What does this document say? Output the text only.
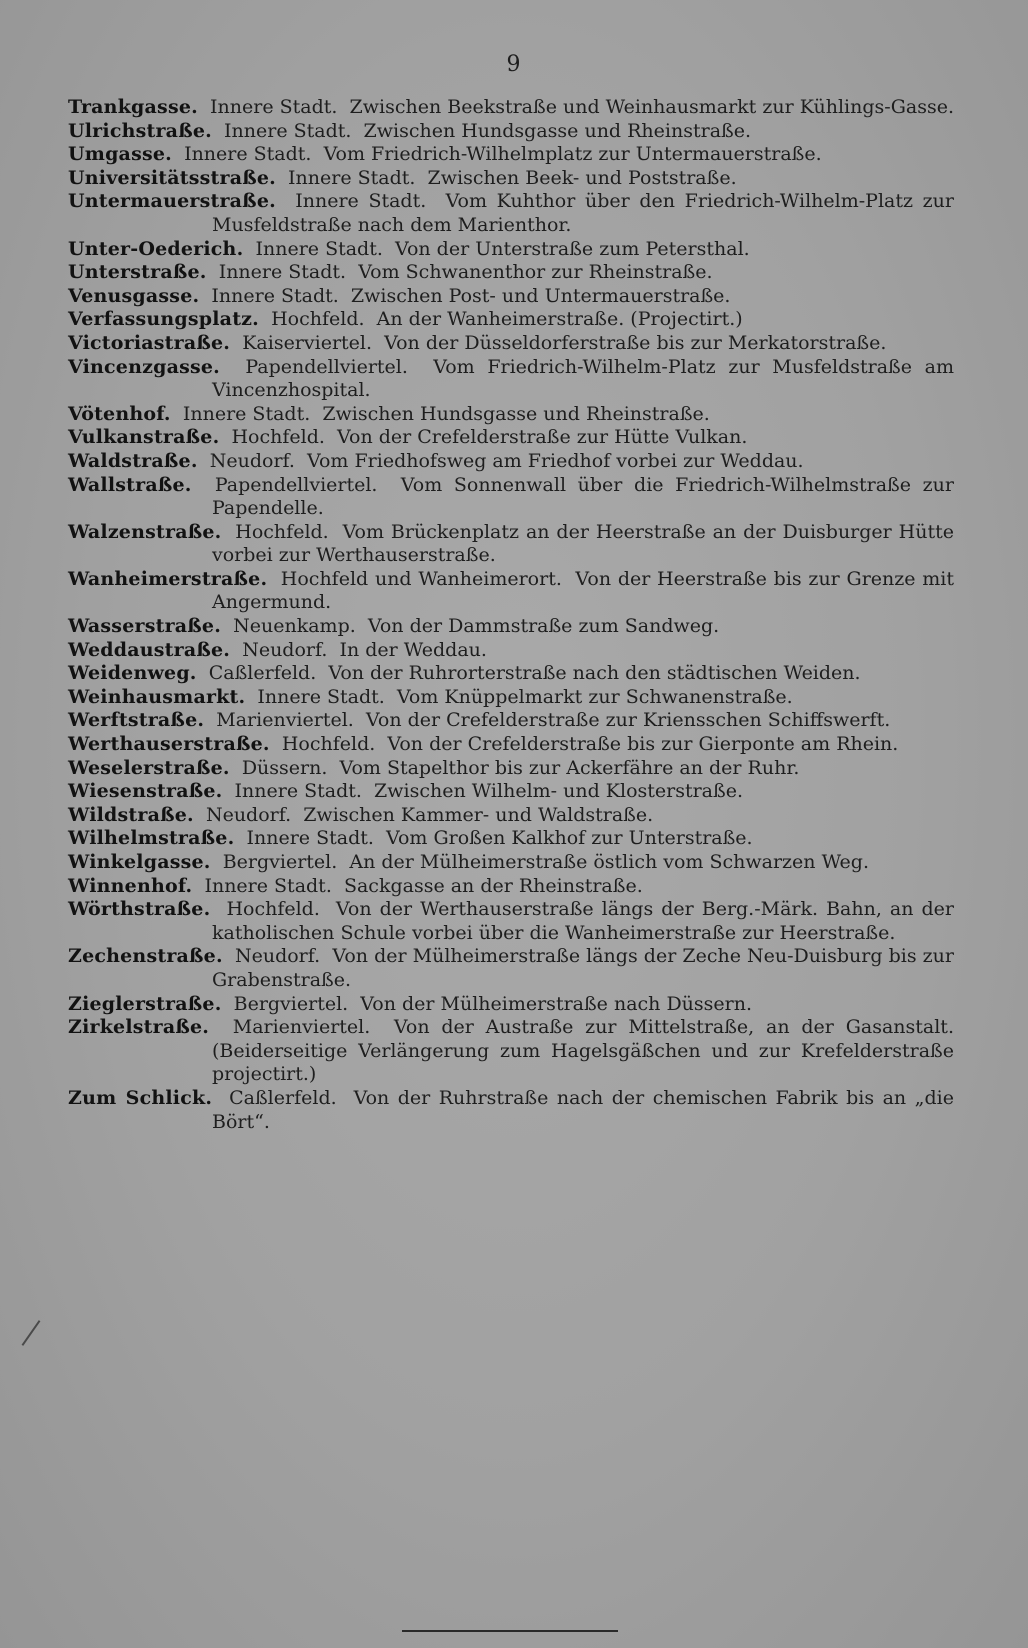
9
Trankgasse. Innere Stadt. Zwischen Beekstraße und Weinhausmarkt zur Kühlings-Gasse.
Ulrichstraße. Innere Stadt. Zwischen Hundsgasse und Rheinstraße.
Umgasse. Innere Stadt. Vom Friedrich-Wilhelmplatz zur Untermauerstraße.
Universitätsstraße. Innere Stadt. Zwischen Beek- und Poststraße.
Untermauerstraße. Innere Stadt. Vom Kuhthor über den Friedrich-Wilhelm-Platz zur Musfeldstraße nach dem Marienthor.
Unter-Oederich. Innere Stadt. Von der Unterstraße zum Petersthal.
Unterstraße. Innere Stadt. Vom Schwanenthor zur Rheinstraße.
Venusgasse. Innere Stadt. Zwischen Post- und Untermauerstraße.
Verfassungsplatz. Hochfeld. An der Wanheimerstraße. (Projectirt.)
Victoriastraße. Kaiserviertel. Von der Düsseldorferstraße bis zur Merkatorstraße.
Vincenzgasse. Papendellviertel. Vom Friedrich-Wilhelm-Platz zur Musfeldstraße am Vincenzhospital.
Vötenhof. Innere Stadt. Zwischen Hundsgasse und Rheinstraße.
Vulkanstraße. Hochfeld. Von der Crefelderstraße zur Hütte Vulkan.
Waldstraße. Neudorf. Vom Friedhofsweg am Friedhof vorbei zur Weddau.
Wallstraße. Papendellviertel. Vom Sonnenwall über die Friedrich-Wilhelmstraße zur Papendelle.
Walzenstraße. Hochfeld. Vom Brückenplatz an der Heerstraße an der Duisburger Hütte vorbei zur Werthauserstraße.
Wanheimerstraße. Hochfeld und Wanheimerort. Von der Heerstraße bis zur Grenze mit Angermund.
Wasserstraße. Neuenkamp. Von der Dammstraße zum Sandweg.
Weddaustraße. Neudorf. In der Weddau.
Weidenweg. Caßlerfeld. Von der Ruhrorterstraße nach den städtischen Weiden.
Weinhausmarkt. Innere Stadt. Vom Knüppelmarkt zur Schwanenstraße.
Werftstraße. Marienviertel. Von der Crefelderstraße zur Kriensschen Schiffswerft.
Werthauserstraße. Hochfeld. Von der Crefelderstraße bis zur Gierponte am Rhein.
Weselerstraße. Düssern. Vom Stapelthor bis zur Ackerfähre an der Ruhr.
Wiesenstraße. Innere Stadt. Zwischen Wilhelm- und Klosterstraße.
Wildstraße. Neudorf. Zwischen Kammer- und Waldstraße.
Wilhelmstraße. Innere Stadt. Vom Großen Kalkhof zur Unterstraße.
Winkelgasse. Bergviertel. An der Mülheimerstraße östlich vom Schwarzen Weg.
Winnenhof. Innere Stadt. Sackgasse an der Rheinstraße.
Wörthstraße. Hochfeld. Von der Werthauserstraße längs der Berg.-Märk. Bahn, an der katholischen Schule vorbei über die Wanheimerstraße zur Heerstraße.
Zechenstraße. Neudorf. Von der Mülheimerstraße längs der Zeche Neu-Duisburg bis zur Grabenstraße.
Zieglerstraße. Bergviertel. Von der Mülheimerstraße nach Düssern.
Zirkelstraße. Marienviertel. Von der Austraße zur Mittelstraße, an der Gasanstalt. (Beiderseitige Verlängerung zum Hagelsgäßchen und zur Krefelderstraße projectirt.)
Zum Schlick. Caßlerfeld. Von der Ruhrstraße nach der chemischen Fabrik bis an „die Bört“.
